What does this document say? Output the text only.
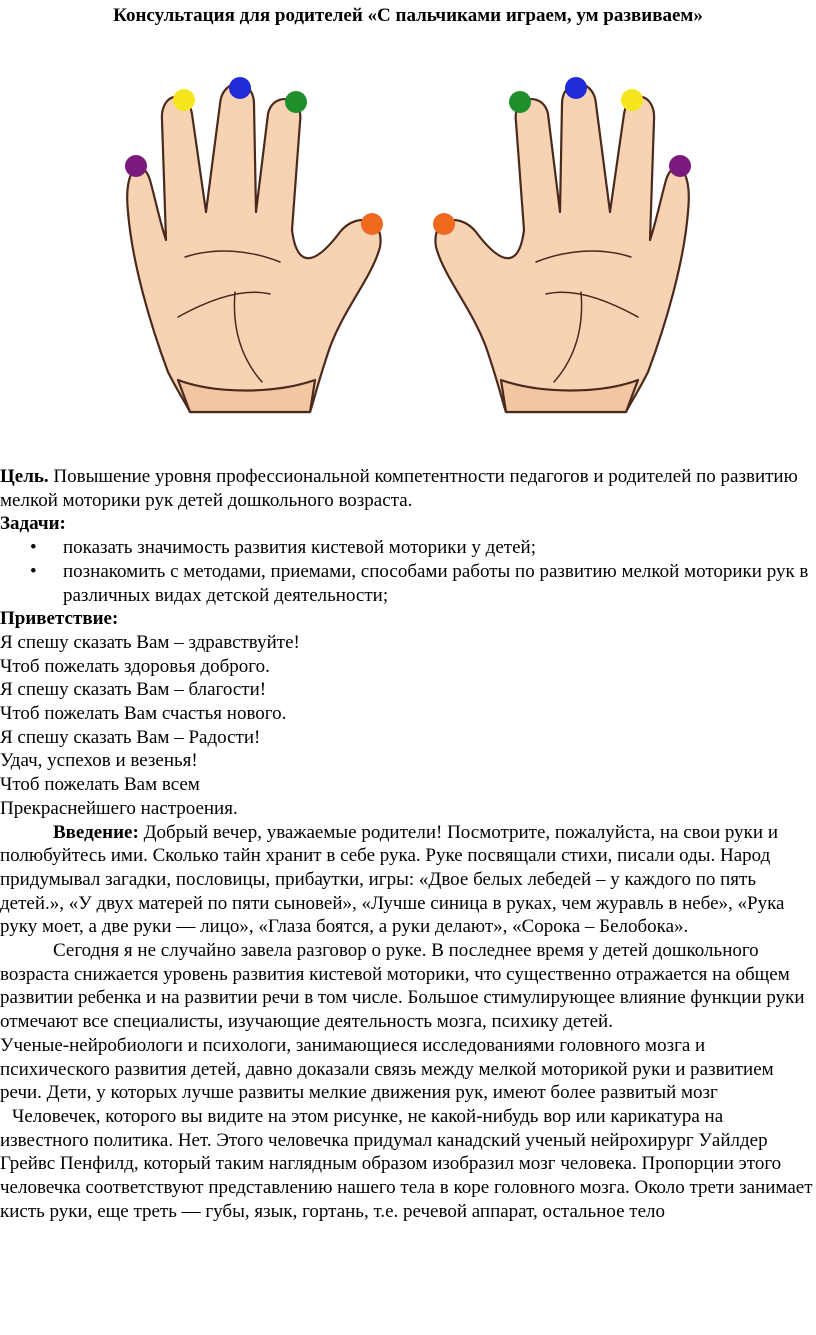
Консультация для родителей «С пальчиками играем, ум развиваем»

Цель. Повышение уровня профессиональной компетентности педагогов и родителей по развитию мелкой моторики рук детей дошкольного возраста.

Задачи:

• показать значимость развития кистевой моторики у детей;
• познакомить с методами, приемами, способами работы по развитию мелкой моторики рук в различных видах детской деятельности;

Приветствие:

Я спешу сказать Вам – здравствуйте!

Чтоб пожелать здоровья доброго.

Я спешу сказать Вам – благости!

Чтоб пожелать Вам счастья нового.

Я спешу сказать Вам – Радости!

Удач, успехов и везенья!

Чтоб пожелать Вам всем

Прекраснейшего настроения.

Введение: Добрый вечер, уважаемые родители! Посмотрите, пожалуйста, на свои руки и полюбуйтесь ими. Сколько тайн хранит в себе рука. Руке посвящали стихи, писали оды. Народ придумывал загадки, пословицы, прибаутки, игры: «Двое белых лебедей – у каждого по пять детей.», «У двух матерей по пяти сыновей», «Лучше синица в руках, чем журавль в небе», «Рука руку моет, а две руки — лицо», «Глаза боятся, а руки делают», «Сорока – Белобока».

Сегодня я не случайно завела разговор о руке. В последнее время у детей дошкольного возраста снижается уровень развития кистевой моторики, что существенно отражается на общем развитии ребенка и на развитии речи в том числе. Большое стимулирующее влияние функции руки отмечают все специалисты, изучающие деятельность мозга, психику детей.

Ученые-нейробиологи и психологи, занимающиеся исследованиями головного мозга и психического развития детей, давно доказали связь между мелкой моторикой руки и развитием речи. Дети, у которых лучше развиты мелкие движения рук, имеют более развитый мозг

Человечек, которого вы видите на этом рисунке, не какой-нибудь вор или карикатура на известного политика. Нет. Этого человечка придумал канадский ученый нейрохирург Уайлдер Грейвс Пенфилд, который таким наглядным образом изобразил мозг человека. Пропорции этого человечка соответствуют представлению нашего тела в коре головного мозга. Около трети занимает кисть руки, еще треть — губы, язык, гортань, т.е. речевой аппарат, остальное тело
